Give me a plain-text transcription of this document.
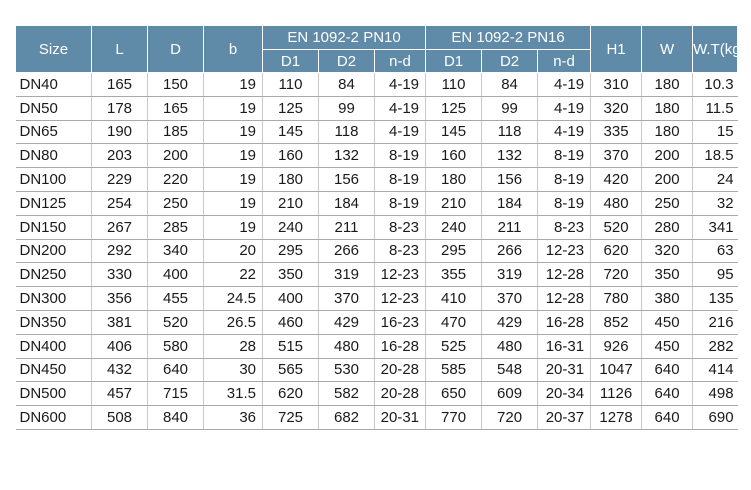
Size	L	D	b	EN 1092-2 PN10			EN 1092-2 PN16			H1	W	W.T(kg)
				D1	D2	n-d	D1	D2	n-d			
DN40	165	150	19	110	84	4-19	110	84	4-19	310	180	10.3
DN50	178	165	19	125	99	4-19	125	99	4-19	320	180	11.5
DN65	190	185	19	145	118	4-19	145	118	4-19	335	180	15
DN80	203	200	19	160	132	8-19	160	132	8-19	370	200	18.5
DN100	229	220	19	180	156	8-19	180	156	8-19	420	200	24
DN125	254	250	19	210	184	8-19	210	184	8-19	480	250	32
DN150	267	285	19	240	211	8-23	240	211	8-23	520	280	341
DN200	292	340	20	295	266	8-23	295	266	12-23	620	320	63
DN250	330	400	22	350	319	12-23	355	319	12-28	720	350	95
DN300	356	455	24.5	400	370	12-23	410	370	12-28	780	380	135
DN350	381	520	26.5	460	429	16-23	470	429	16-28	852	450	216
DN400	406	580	28	515	480	16-28	525	480	16-31	926	450	282
DN450	432	640	30	565	530	20-28	585	548	20-31	1047	640	414
DN500	457	715	31.5	620	582	20-28	650	609	20-34	1126	640	498
DN600	508	840	36	725	682	20-31	770	720	20-37	1278	640	690
